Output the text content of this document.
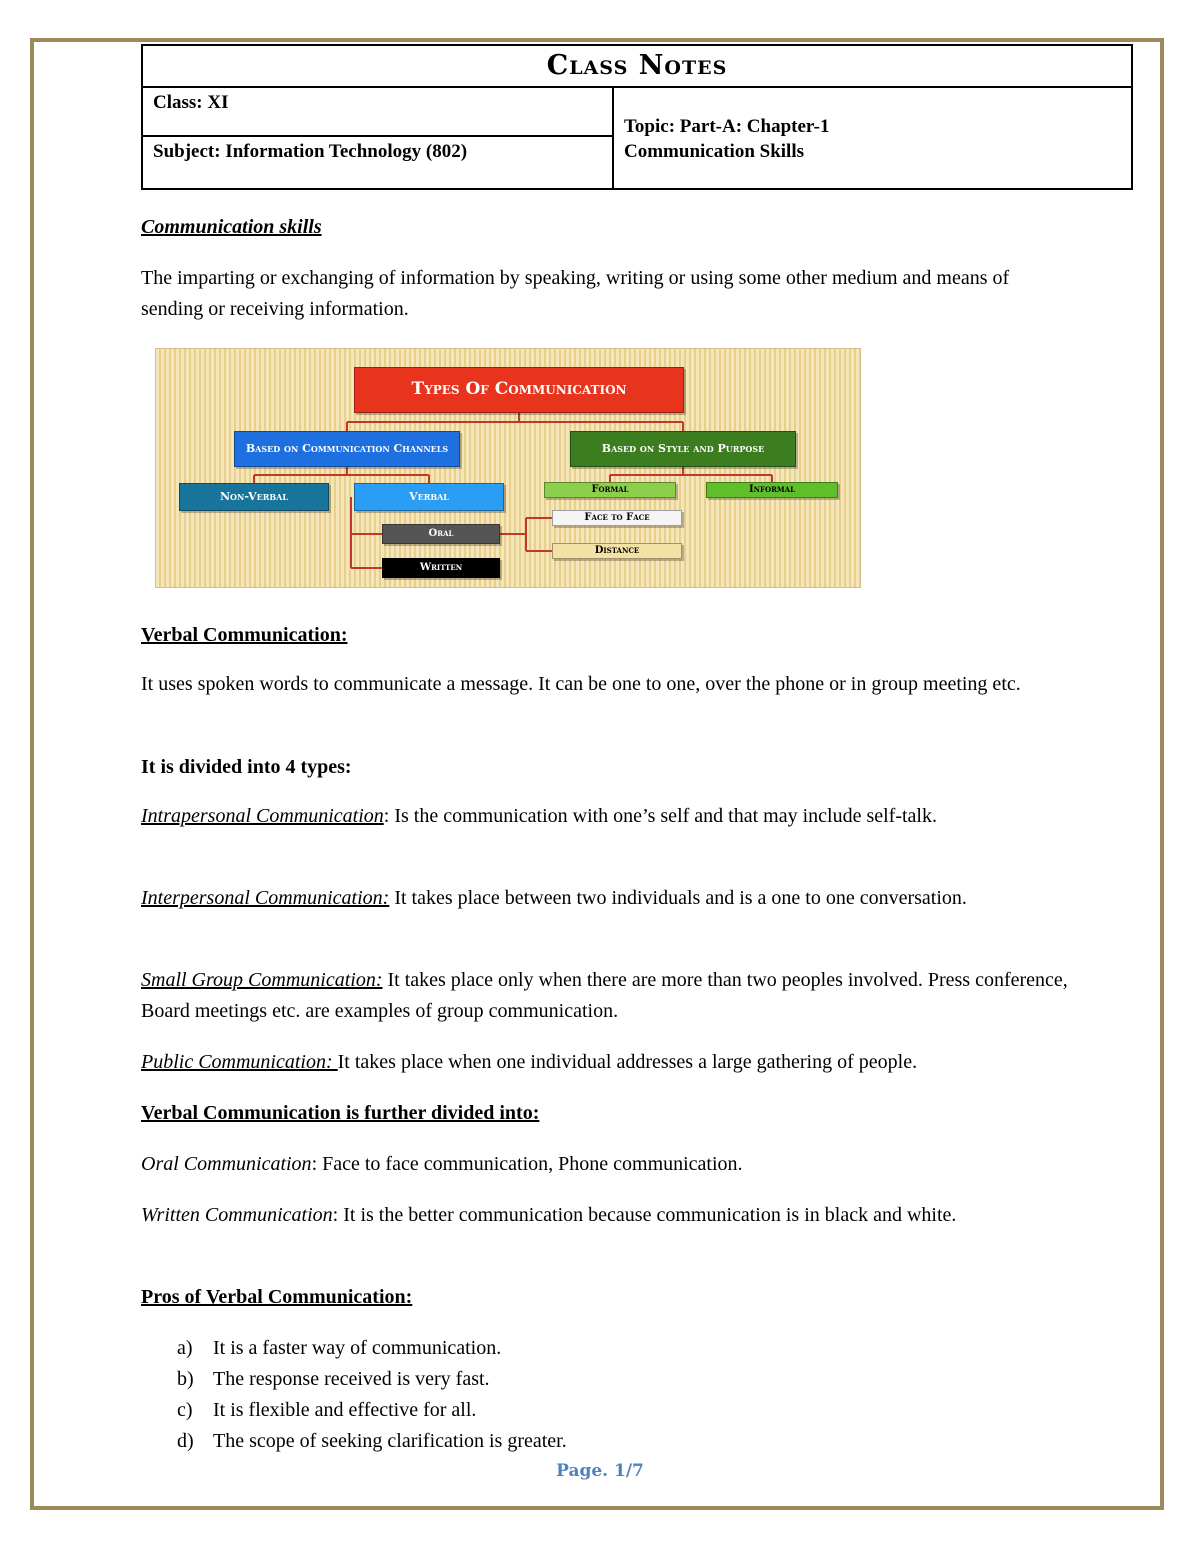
Class Notes
Class: XI
Subject: Information Technology (802)
Topic: Part-A: Chapter-1
Communication Skills
Communication skills
The imparting or exchanging of information by speaking, writing or using some other medium and means of sending or receiving information.
Types Of Communication
Based on Communication Channels	Based on Style and Purpose
Non-Verbal	Verbal
Formal	Informal
Oral
Written
Face to Face
Distance
Verbal Communication:
It uses spoken words to communicate a message. It can be one to one, over the phone or in group meeting etc.
It is divided into 4 types:
Intrapersonal Communication: Is the communication with one’s self and that may include self-talk.
Interpersonal Communication: It takes place between two individuals and is a one to one conversation.
Small Group Communication: It takes place only when there are more than two peoples involved. Press conference, Board meetings etc. are examples of group communication.
Public Communication: It takes place when one individual addresses a large gathering of people.
Verbal Communication is further divided into:
Oral Communication: Face to face communication, Phone communication.
Written Communication: It is the better communication because communication is in black and white.
Pros of Verbal Communication:
a)	It is a faster way of communication.
b) The response received is very fast.
c)	It is flexible and effective for all.
d) The scope of seeking clarification is greater.
Page. 1/7
